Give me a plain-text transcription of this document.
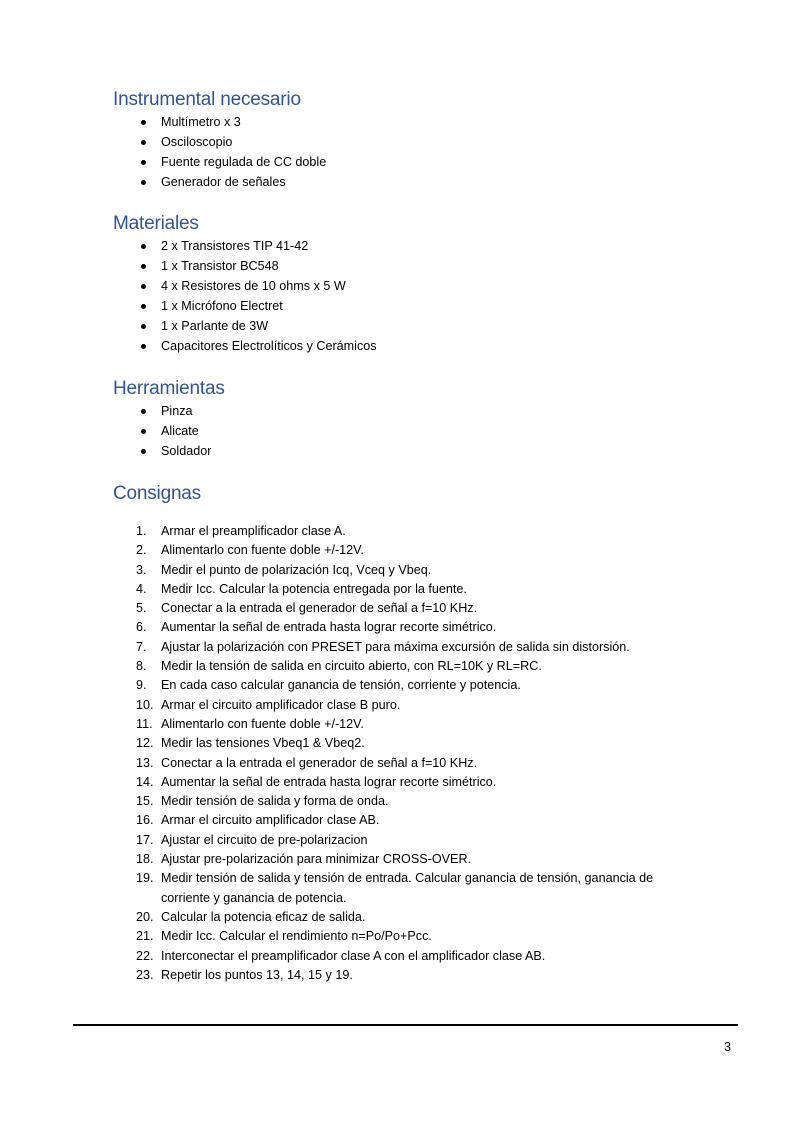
Instrumental necesario
Multímetro x 3
Osciloscopio
Fuente regulada de CC doble
Generador de señales
Materiales
2 x Transistores TIP 41-42
1 x Transistor BC548
4 x Resistores de 10 ohms x 5 W
1 x Micrófono Electret
1 x Parlante de 3W
Capacitores Electrolíticos y Cerámicos
Herramientas
Pinza
Alicate
Soldador
Consignas
1. Armar el preamplificador clase A.
2. Alimentarlo con fuente doble +/-12V.
3. Medir el punto de polarización Icq, Vceq y Vbeq.
4. Medir Icc. Calcular la potencia entregada por la fuente.
5. Conectar a la entrada el generador de señal a f=10 KHz.
6. Aumentar la señal de entrada hasta lograr recorte simétrico.
7. Ajustar la polarización con PRESET para máxima excursión de salida sin distorsión.
8. Medir la tensión de salida en circuito abierto, con RL=10K y RL=RC.
9. En cada caso calcular ganancia de tensión, corriente y potencia.
10. Armar el circuito amplificador clase B puro.
11. Alimentarlo con fuente doble +/-12V.
12. Medir las tensiones Vbeq1 & Vbeq2.
13. Conectar a la entrada el generador de señal a f=10 KHz.
14. Aumentar la señal de entrada hasta lograr recorte simétrico.
15. Medir tensión de salida y forma de onda.
16. Armar el circuito amplificador clase AB.
17. Ajustar el circuito de pre-polarizacion
18. Ajustar pre-polarización para minimizar CROSS-OVER.
19. Medir tensión de salida y tensión de entrada. Calcular ganancia de tensión, ganancia de corriente y ganancia de potencia.
20. Calcular la potencia eficaz de salida.
21. Medir Icc. Calcular el rendimiento n=Po/Po+Pcc.
22. Interconectar el preamplificador clase A con el amplificador clase AB.
23. Repetir los puntos 13, 14, 15 y 19.
3
